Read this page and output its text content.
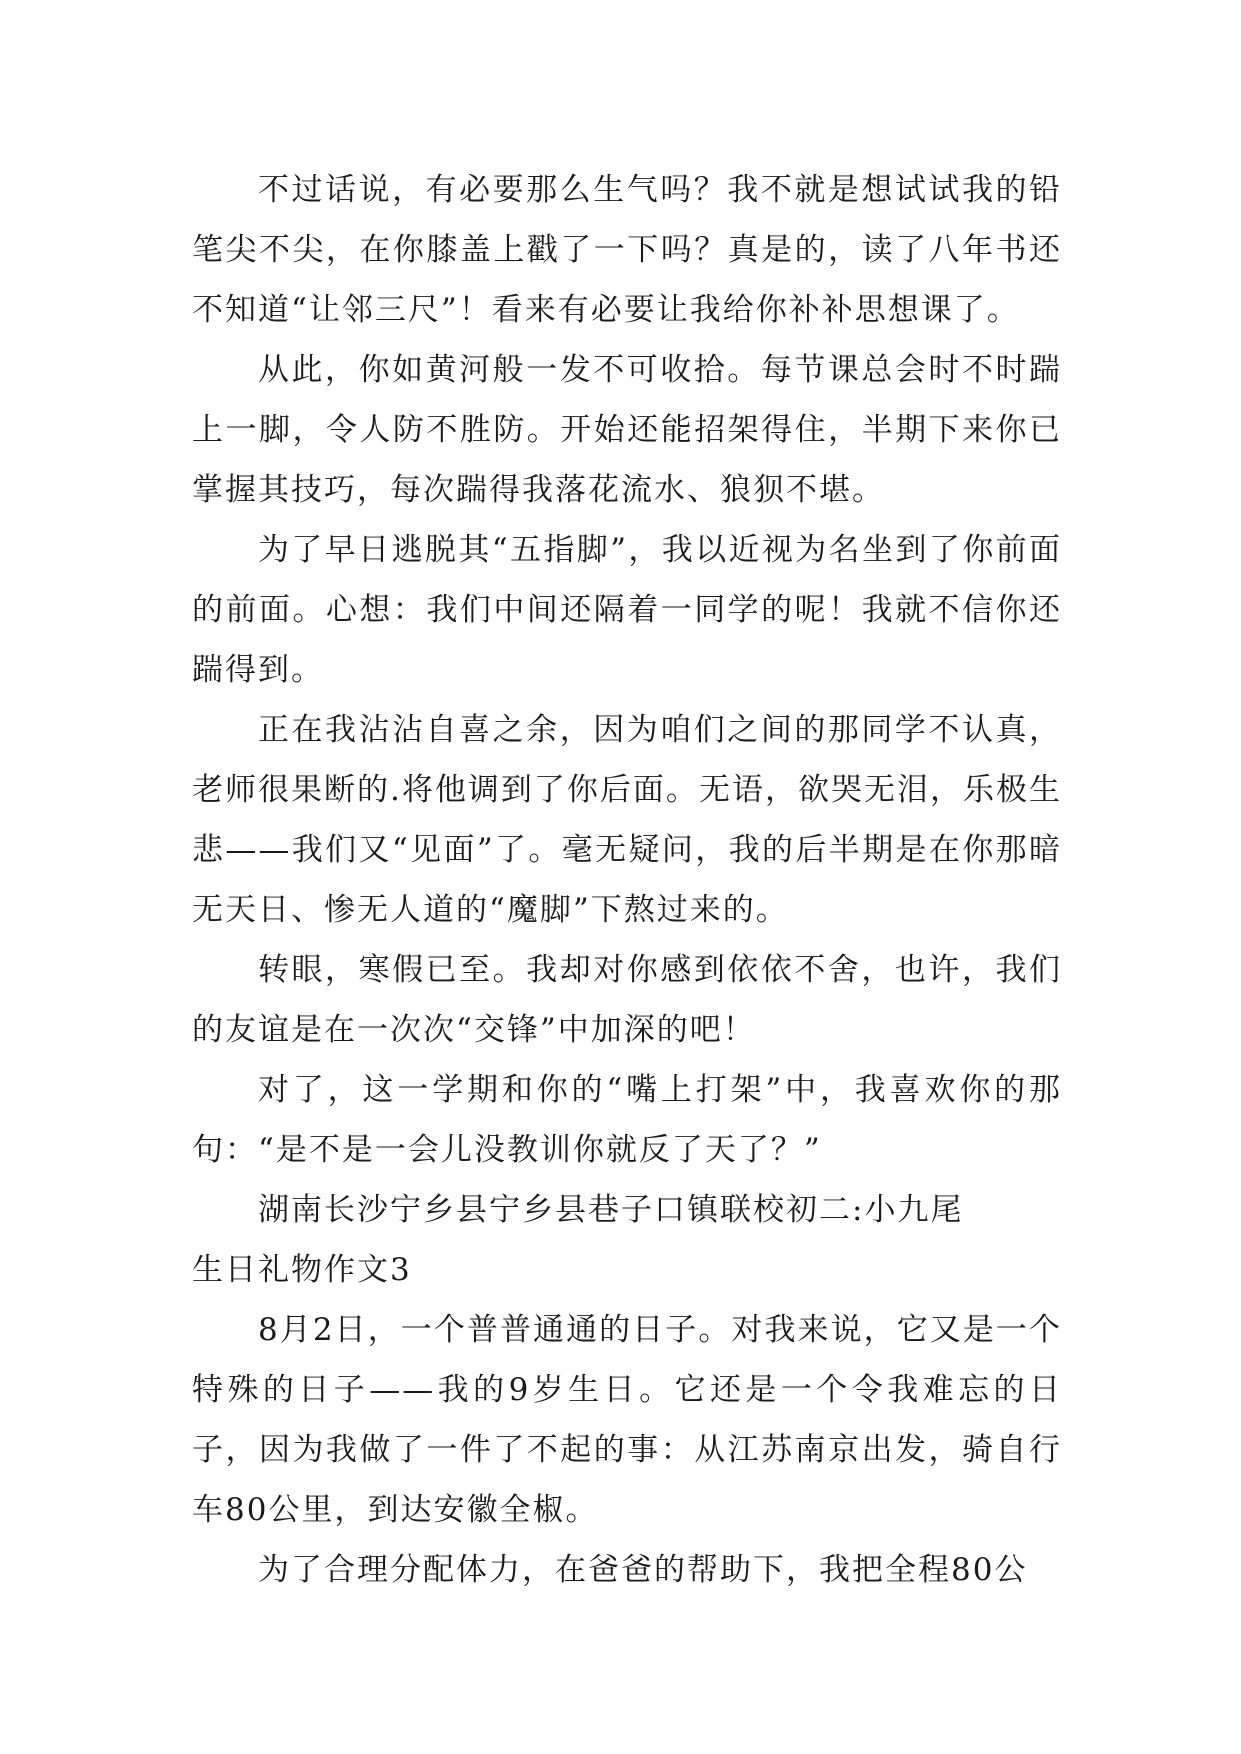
不过话说，有必要那么生气吗？我不就是想试试我的铅笔尖不尖，在你膝盖上戳了一下吗？真是的，读了八年书还不知道“让邻三尺”！看来有必要让我给你补补思想课了。

从此，你如黄河般一发不可收拾。每节课总会时不时踹上一脚，令人防不胜防。开始还能招架得住，半期下来你已掌握其技巧，每次踹得我落花流水、狼狈不堪。

为了早日逃脱其“五指脚”，我以近视为名坐到了你前面的前面。心想：我们中间还隔着一同学的呢！我就不信你还踹得到。

正在我沾沾自喜之余，因为咱们之间的那同学不认真，老师很果断的.将他调到了你后面。无语，欲哭无泪，乐极生悲——我们又“见面”了。毫无疑问，我的后半期是在你那暗无天日、惨无人道的“魔脚”下熬过来的。

转眼，寒假已至。我却对你感到依依不舍，也许，我们的友谊是在一次次“交锋”中加深的吧！

对了，这一学期和你的“嘴上打架”中，我喜欢你的那句：“是不是一会儿没教训你就反了天了？”

湖南长沙宁乡县宁乡县巷子口镇联校初二:小九尾

生日礼物作文3

8月2日，一个普普通通的日子。对我来说，它又是一个特殊的日子——我的9岁生日。它还是一个令我难忘的日子，因为我做了一件了不起的事：从江苏南京出发，骑自行车80公里，到达安徽全椒。

为了合理分配体力，在爸爸的帮助下，我把全程80公
